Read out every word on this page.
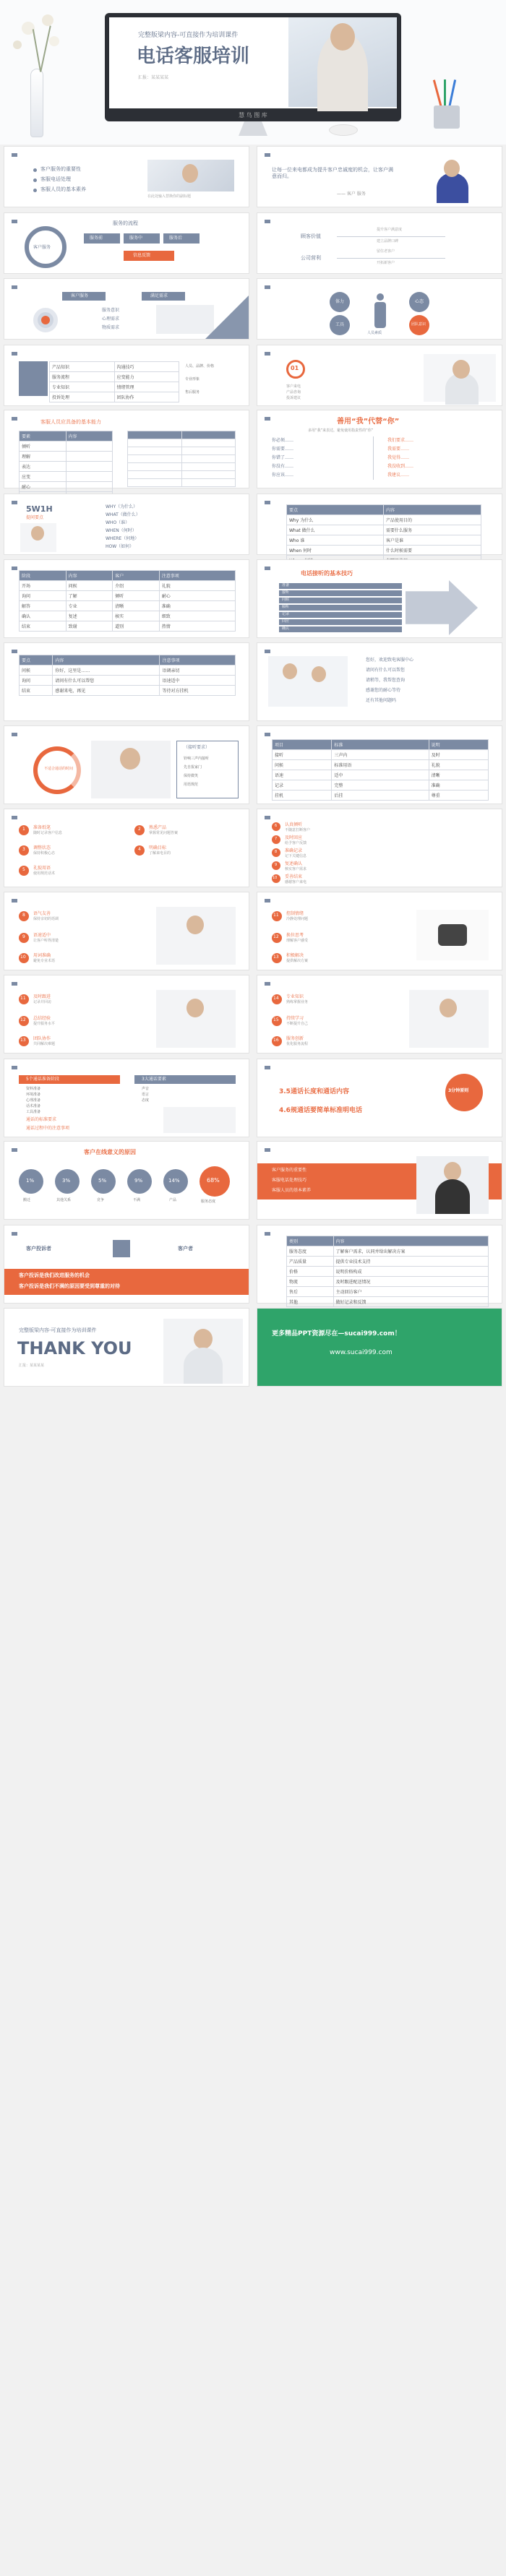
完整版梁内容-可直接作为培训课件
电话客服培训
汇报：某某某某
慧 鸟 图 库
客户服务的重要性
客服电话处理
客服人员的基本素养
在此处输入替换你的副标题
让每一位来电都成为提升客户忠诚度的机会，让客户满意而归。
—— 客户 服务
服务的流程
客户服务
服务前	服务中	服务后
信息反馈
顾客价值
公司营利
提升客户满意度
建立品牌口碑
留住老客户
开拓新客户
客户服务	满足需求
服务意识
心理需求
物质需求
体力	心态
工具	团队意识
人员素质
产品知识	沟通技巧
服务流程	应变能力
专业知识	情绪管理
投诉处理	团队协作
人员、品牌、价格
专业形象
售后服务
01
客户来电
产品咨询
投诉建议
客服人员应具备的基本能力
要素	内容
倾听	
理解	
表达	
应变	
耐心	

善用“我”代替“你”
多用“我”来表达，避免使用指责性的“你”
你必须……	我们要求……
你需要……	我需要……
你错了……	我觉得……
你没有……	我没收到……
你应该……	我建议……
5W1H
提问要点
WHY（为什么）
WHAT（做什么）
WHO（谁）
WHEN（何时）
WHERE（何地）
HOW（如何）
要点	内容
Why 为什么	产品使用目的
What 做什么	需要什么服务
Who 谁	客户是谁
When 何时	什么时候需要

阶段	内容	客户	注意事项
开场	问候	介绍	礼貌
询问	了解	倾听	耐心
解答	专业	清晰	准确
确认	复述	核实	细致
结束	致谢	道别	热情
电话接听的基本技巧
准备
接听
问候
倾听
记录
回应
确认
要点	内容	注意事项
问候	你好，这里是……	语调亲切
询问	请问有什么可以帮您	语速适中
结束	感谢来电，再见	等待对方挂机
您好，欢迎致电客服中心
请问有什么可以帮您
请稍等，我帮您查询
感谢您的耐心等待
还有其他问题吗
不适合通话的时间
（接听要求）
铃响三声内接听
先自报家门
保持微笑
用语规范
项目	标准	说明
接听	三声内	及时
问候	标准用语	礼貌
语速	适中	清晰
记录	完整	准确
挂机	后挂	尊重
1 准备纸笔
随时记录客户信息
2 熟悉产品
掌握常见问题答案
3 调整状态
保持积极心态
4 明确目标
了解来电目的
5 礼貌用语
使用规范话术
6 认真倾听
不随意打断客户
7 及时回应
给予客户反馈
8 准确记录
记下关键信息
9 复述确认
核实客户需求
10 妥善结束
感谢客户来电
8 语气友善
保持亲切的语调
9 语速适中
让客户听得清楚
10 用词准确
避免专业术语
11 控制情绪
冷静处理问题
12 换位思考
理解客户感受
13 积极解决
提供解决方案
11 及时跟进
记录并回访
12 总结经验
提升服务水平
13 团队协作
共同解决难题
14 专业知识
熟练掌握业务
15 持续学习
不断提升自己
16 服务创新
优化服务流程
5个通话准备阶段
资料准备
环境准备
心理准备
话术准备
工具准备
通话的标准要求
通话过程中的注意事项
3大通话要素
声音
语言
态度
3.5通话长度和通话内容
4.6规通话要简单标准明电话
3分钟原则
客户在线意义的原因
1%
搬迁
3%
其他关系
5%
竞争
9%
不满
14%
产品
68%
服务态度
客户服务的重要性
客服电话处理技巧
客服人员的基本素养
客户投诉者	客户者
客户投诉是我们改进服务的机会
客户投诉是我们不满的原因要受到尊重的对待
类别	内容
服务态度	了解客户需求，认同并给出解决方案
产品质量	提供专业技术支持
价格	说明价格构成
物流	及时跟进配送情况
售后	主动回访客户
其他	做好记录和反馈
完整版梁内容-可直接作为培训课件
THANK YOU
汇报：某某某某
更多精品PPT资源尽在—sucai999.com！
www.sucai999.com
